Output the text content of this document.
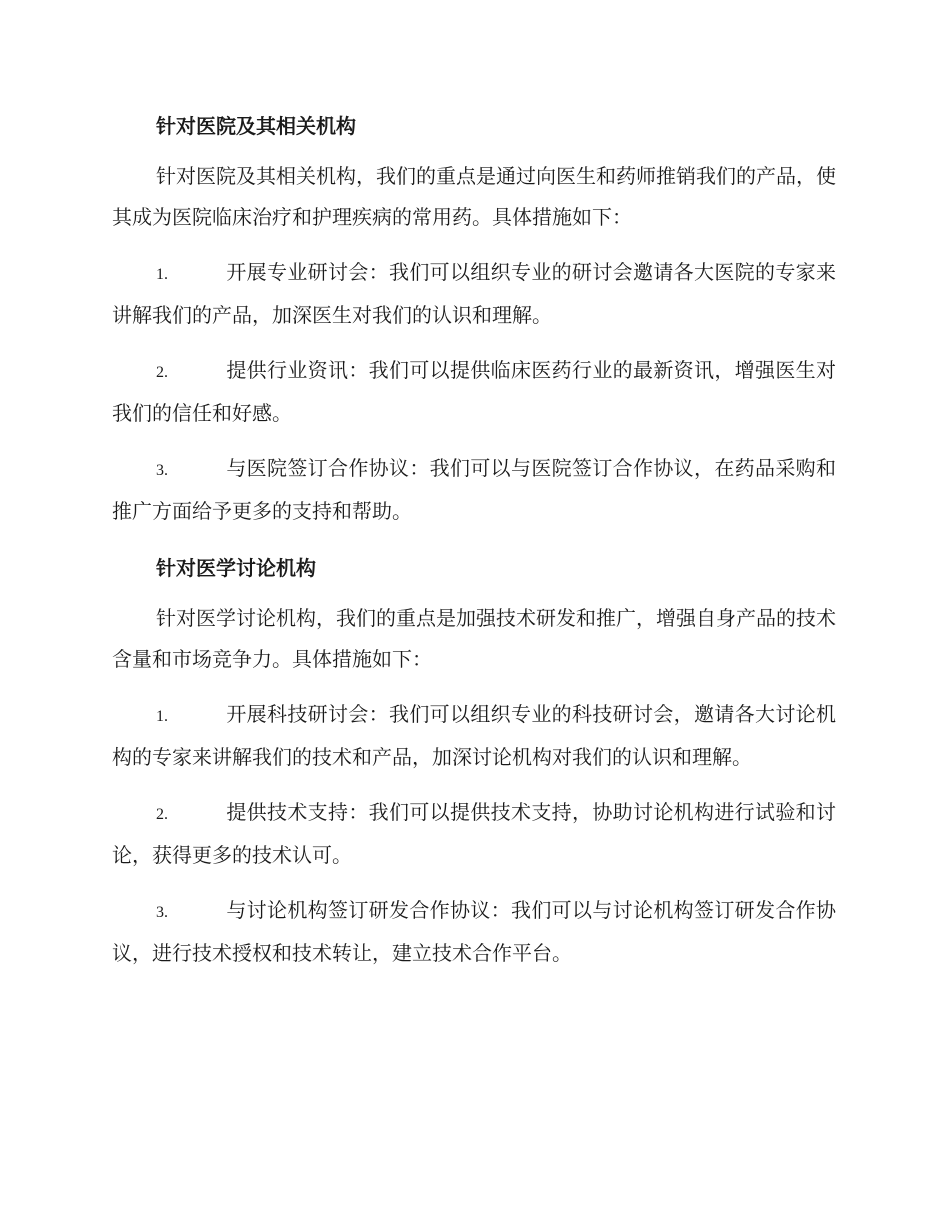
针对医院及其相关机构

针对医院及其相关机构，我们的重点是通过向医生和药师推销我们的产品，使其成为医院临床治疗和护理疾病的常用药。具体措施如下：

1.	开展专业研讨会：我们可以组织专业的研讨会邀请各大医院的专家来讲解我们的产品，加深医生对我们的认识和理解。

2.	提供行业资讯：我们可以提供临床医药行业的最新资讯，增强医生对我们的信任和好感。

3.	与医院签订合作协议：我们可以与医院签订合作协议，在药品采购和推广方面给予更多的支持和帮助。

针对医学讨论机构

针对医学讨论机构，我们的重点是加强技术研发和推广，增强自身产品的技术含量和市场竞争力。具体措施如下：

1.	开展科技研讨会：我们可以组织专业的科技研讨会，邀请各大讨论机构的专家来讲解我们的技术和产品，加深讨论机构对我们的认识和理解。

2.	提供技术支持：我们可以提供技术支持，协助讨论机构进行试验和讨论，获得更多的技术认可。

3.	与讨论机构签订研发合作协议：我们可以与讨论机构签订研发合作协议，进行技术授权和技术转让，建立技术合作平台。
